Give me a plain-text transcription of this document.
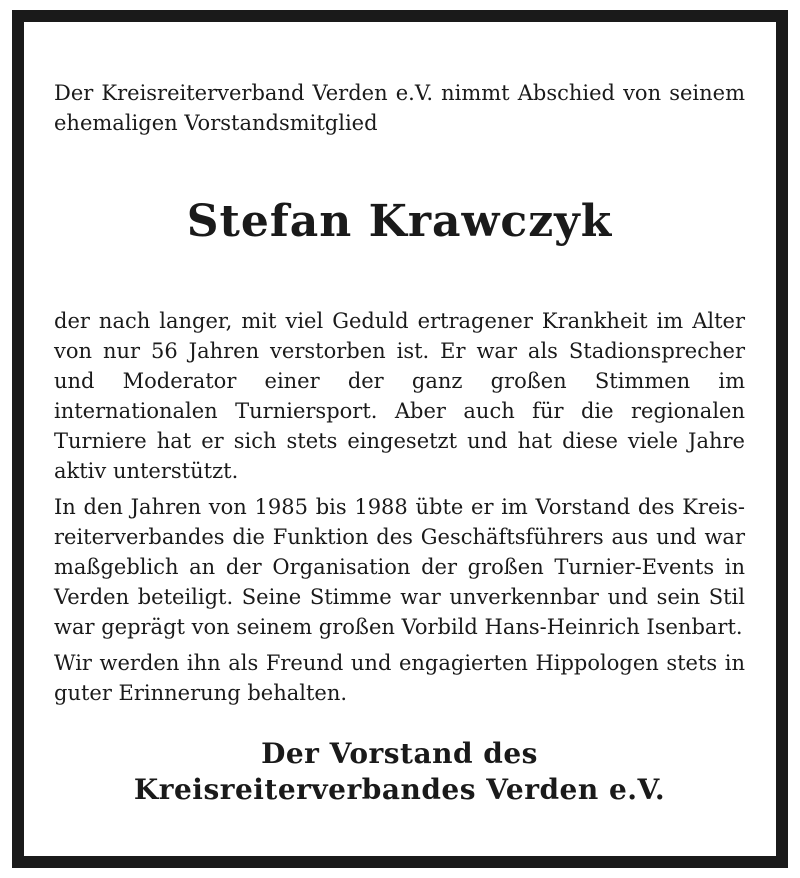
Der Kreisreiterverband Verden e.V. nimmt Abschied von seinem ehemaligen Vorstandsmitglied

Stefan Krawczyk

der nach langer, mit viel Geduld ertragener Krankheit im Alter von nur 56 Jahren verstorben ist. Er war als Stadionsprecher und Moderator einer der ganz großen Stimmen im internationalen Turniersport. Aber auch für die regionalen Turniere hat er sich stets eingesetzt und hat diese viele Jahre aktiv unterstützt.

In den Jahren von 1985 bis 1988 übte er im Vorstand des Kreisreiterverbandes die Funktion des Geschäftsführers aus und war maßgeblich an der Organisation der großen Turnier-Events in Verden beteiligt. Seine Stimme war unverkennbar und sein Stil war geprägt von seinem großen Vorbild Hans-Heinrich Isenbart.

Wir werden ihn als Freund und engagierten Hippologen stets in guter Erinnerung behalten.

Der Vorstand des
Kreisreiterverbandes Verden e.V.
